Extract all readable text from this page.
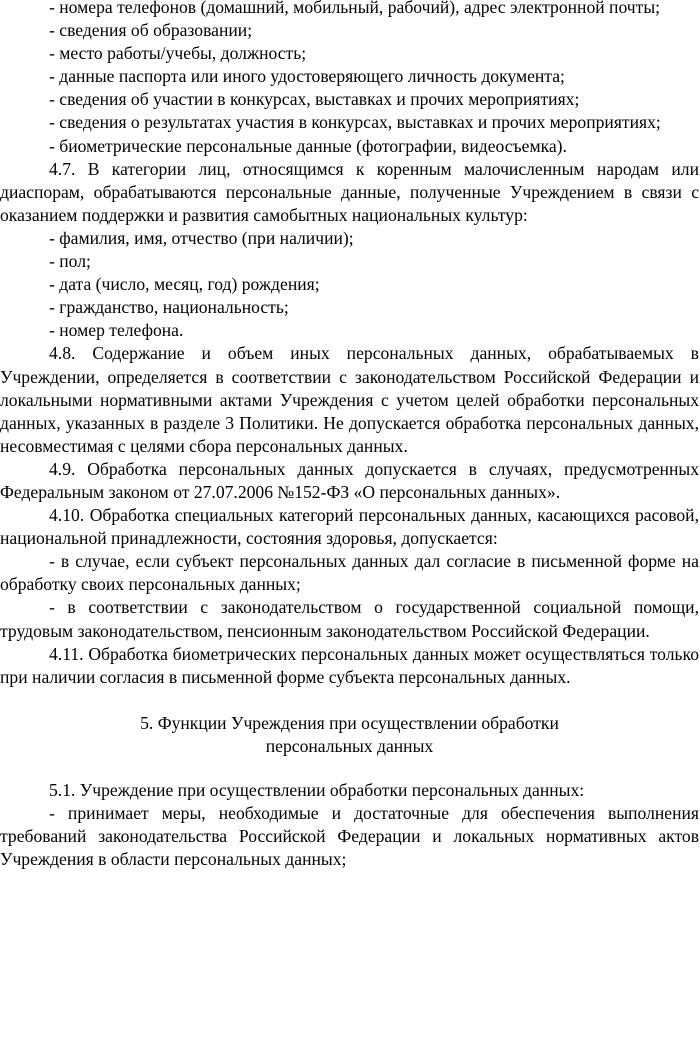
- номера телефонов (домашний, мобильный, рабочий), адрес электронной почты;

- сведения об образовании;

- место работы/учебы, должность;

- данные паспорта или иного удостоверяющего личность документа;

- сведения об участии в конкурсах, выставках и прочих мероприятиях;

- сведения о результатах участия в конкурсах, выставках и прочих мероприятиях;

- биометрические персональные данные (фотографии, видеосъемка).

4.7. В категории лиц, относящимся к коренным малочисленным народам или диаспорам, обрабатываются персональные данные, полученные Учреждением в связи с оказанием поддержки и развития самобытных национальных культур:

- фамилия, имя, отчество (при наличии);

- пол;

- дата (число, месяц, год) рождения;

- гражданство, национальность;

- номер телефона.

4.8. Содержание и объем иных персональных данных, обрабатываемых в Учреждении, определяется в соответствии с законодательством Российской Федерации и локальными нормативными актами Учреждения с учетом целей обработки персональных данных, указанных в разделе 3 Политики. Не допускается обработка персональных данных, несовместимая с целями сбора персональных данных.

4.9. Обработка персональных данных допускается в случаях, предусмотренных Федеральным законом от 27.07.2006 №152-ФЗ «О персональных данных».

4.10. Обработка специальных категорий персональных данных, касающихся расовой, национальной принадлежности, состояния здоровья, допускается:

- в случае, если субъект персональных данных дал согласие в письменной форме на обработку своих персональных данных;

- в соответствии с законодательством о государственной социальной помощи, трудовым законодательством, пенсионным законодательством Российской Федерации.

4.11. Обработка биометрических персональных данных может осуществляться только при наличии согласия в письменной форме субъекта персональных данных.

5. Функции Учреждения при осуществлении обработки

персональных данных

5.1. Учреждение при осуществлении обработки персональных данных:

- принимает меры, необходимые и достаточные для обеспечения выполнения требований законодательства Российской Федерации и локальных нормативных актов Учреждения в области персональных данных;
